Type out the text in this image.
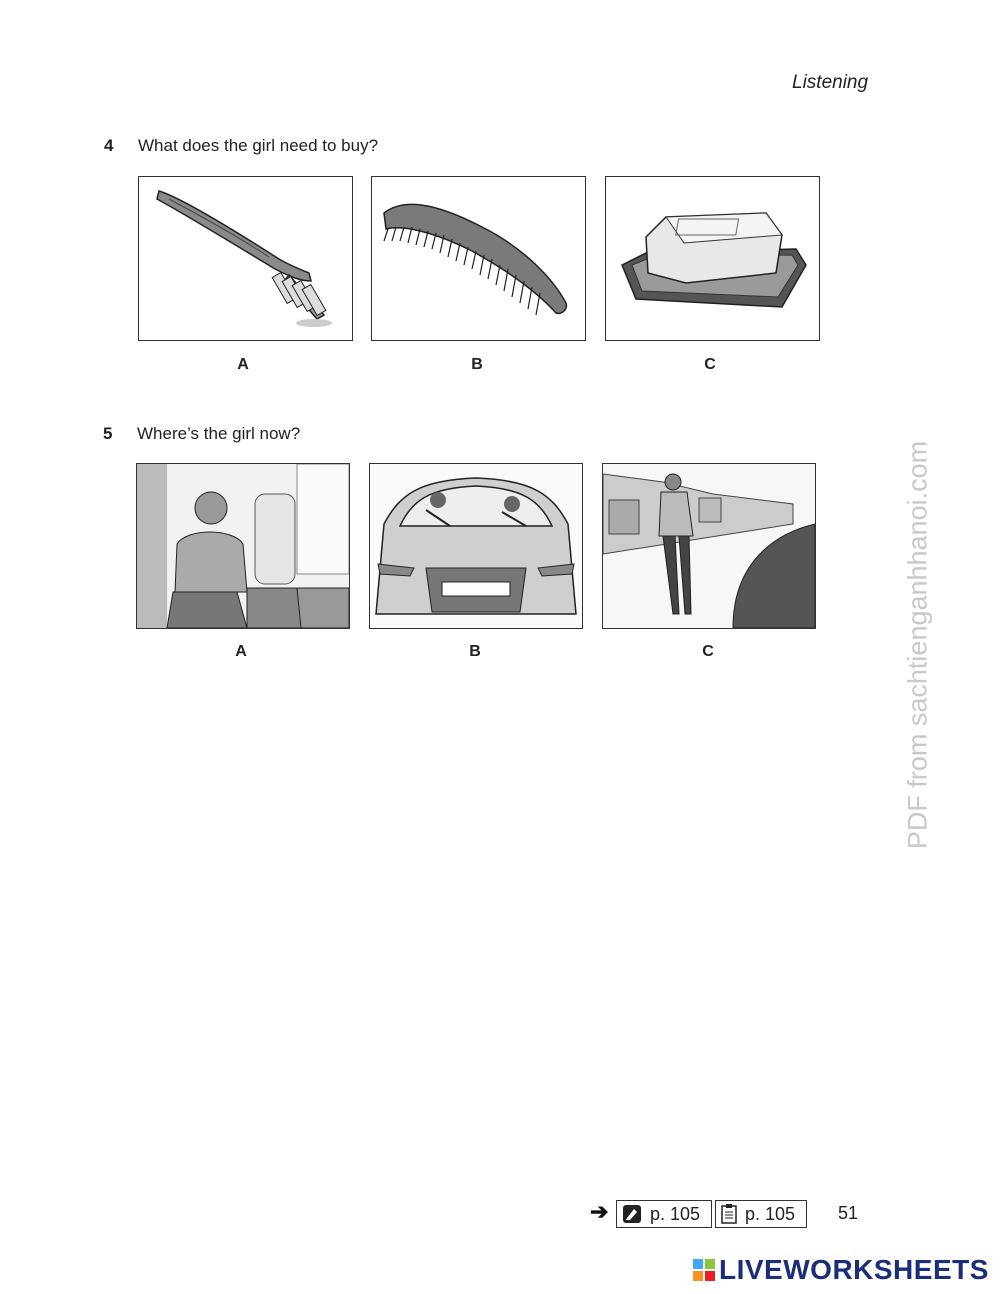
Listening
4 What does the girl need to buy?
A	B	C
5 Where’s the girl now?
A	B	C	PDF from sachtienganhhanoi.com
➔ p. 105 p. 105 51
LIVEWORKSHEETS
